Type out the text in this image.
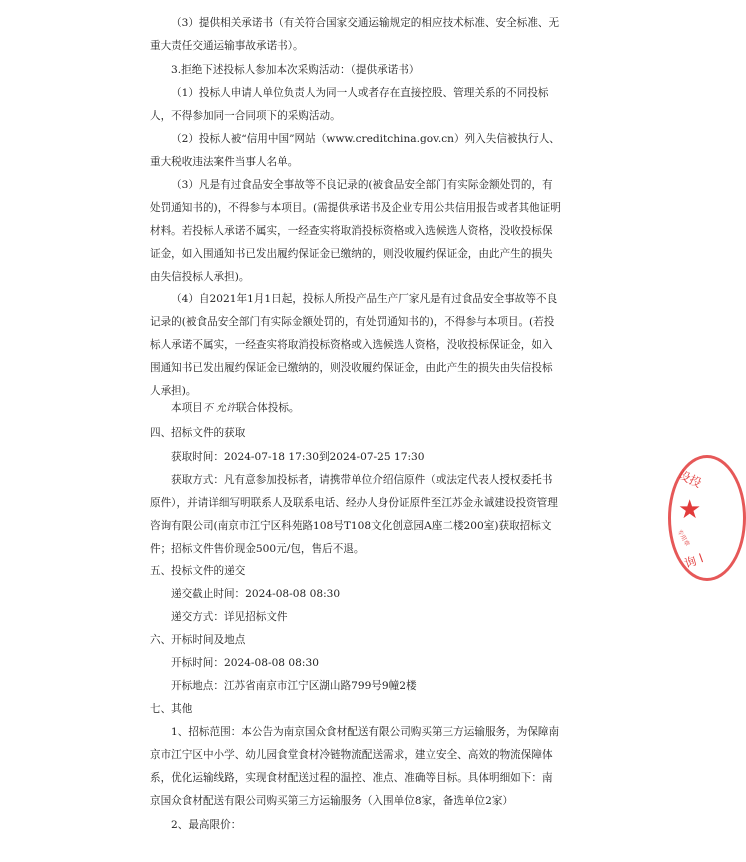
（3）提供相关承诺书（有关符合国家交通运输规定的相应技术标准、安全标准、无重大责任交通运输事故承诺书）。
3.拒绝下述投标人参加本次采购活动：（提供承诺书）
（1）投标人申请人单位负责人为同一人或者存在直接控股、管理关系的不同投标人，不得参加同一合同项下的采购活动。
（2）投标人被“信用中国”网站（www.creditchina.gov.cn）列入失信被执行人、重大税收违法案件当事人名单。
（3）凡是有过食品安全事故等不良记录的(被食品安全部门有实际金额处罚的，有处罚通知书的)，不得参与本项目。(需提供承诺书及企业专用公共信用报告或者其他证明材料。若投标人承诺不属实，一经查实将取消投标资格或入选候选人资格，没收投标保证金，如入围通知书已发出履约保证金已缴纳的，则没收履约保证金，由此产生的损失由失信投标人承担)。
（4）自2021年1月1日起，投标人所投产品生产厂家凡是有过食品安全事故等不良记录的(被食品安全部门有实际金额处罚的，有处罚通知书的)，不得参与本项目。(若投标人承诺不属实，一经查实将取消投标资格或入选候选人资格，没收投标保证金，如入围通知书已发出履约保证金已缴纳的，则没收履约保证金，由此产生的损失由失信投标人承担)。
本项目不 允许联合体投标。
四、招标文件的获取
获取时间：2024-07-18 17:30到2024-07-25 17:30
获取方式：凡有意参加投标者，请携带单位介绍信原件（或法定代表人授权委托书原件），并请详细写明联系人及联系电话、经办人身份证原件至江苏金永诚建设投资管理咨询有限公司(南京市江宁区科苑路108号T108文化创意园A座二楼200室)获取招标文件；招标文件售价现金500元/包，售后不退。
五、投标文件的递交
递交截止时间：2024-08-08 08:30
递交方式：详见招标文件
六、开标时间及地点
开标时间：2024-08-08 08:30
开标地点：江苏省南京市江宁区湖山路799号9幢2楼
七、其他
1、招标范围：本公告为南京国众食材配送有限公司购买第三方运输服务，为保障南京市江宁区中小学、幼儿园食堂食材冷链物流配送需求，建立安全、高效的物流保障体系，优化运输线路，实现食材配送过程的温控、准点、准确等目标。具体明细如下：南京国众食材配送有限公司购买第三方运输服务（入围单位8家，备选单位2家）
2、最高限价：
★
设投
专用章
询 l
